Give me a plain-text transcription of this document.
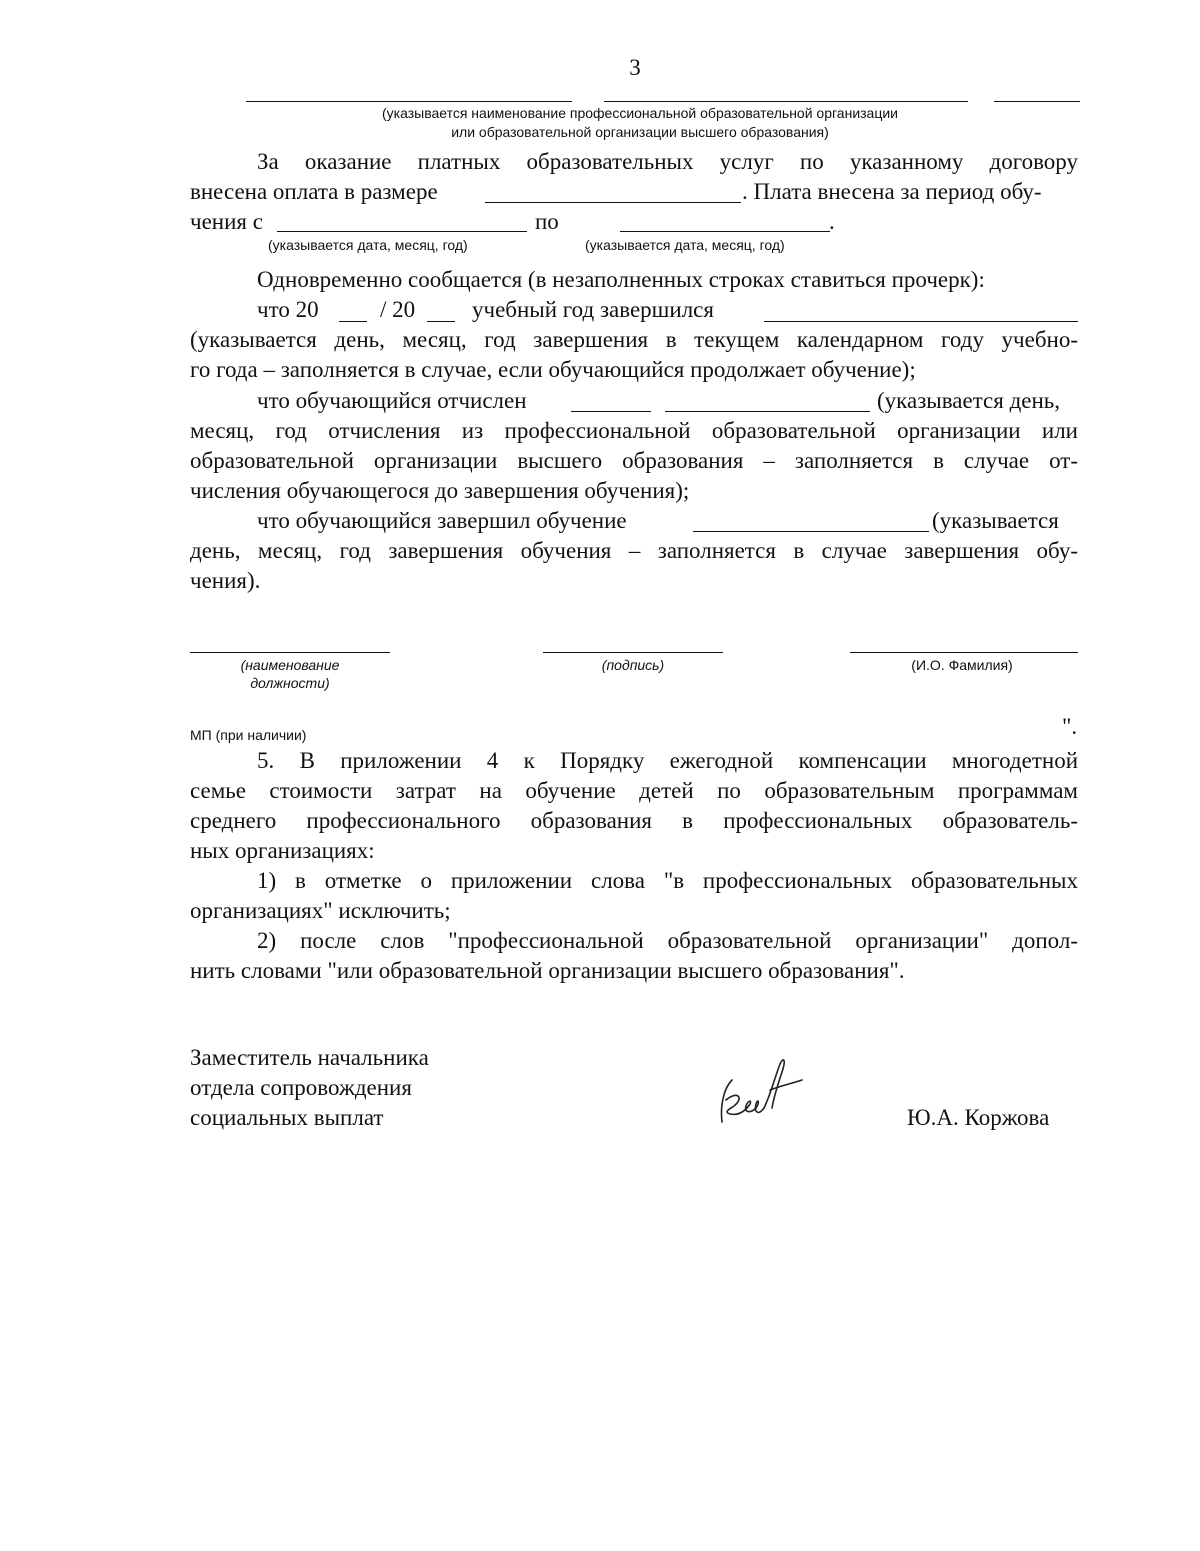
3
(указывается наименование профессиональной образовательной организации
или образовательной организации высшего образования)
За оказание платных образовательных услуг по указанному договору
внесена оплата в размере	. Плата внесена за период обу-
чения с	по	.
(указывается дата, месяц, год)	(указывается дата, месяц, год)
Одновременно сообщается (в незаполненных строках ставиться прочерк):
что 20	/ 20 учебный год завершился
(указывается день, месяц, год завершения в текущем календарном году учебно-
го года – заполняется в случае, если обучающийся продолжает обучение);
что обучающийся отчислен	(указывается день,
месяц, год отчисления из профессиональной образовательной организации или
образовательной организации высшего образования – заполняется в случае от-
числения обучающегося до завершения обучения);
что обучающийся завершил обучение	(указывается
день, месяц, год завершения обучения – заполняется в случае завершения обу-
чения).
(наименование
должности)
(подпись)	(И.О. Фамилия)
МП (при наличии)	".
5. В приложении 4 к Порядку ежегодной компенсации многодетной
семье стоимости затрат на обучение детей по образовательным программам
среднего профессионального образования в профессиональных образователь-
ных организациях:
1) в отметке о приложении слова "в профессиональных образовательных
организациях" исключить;
2) после слов "профессиональной образовательной организации" допол-
нить словами "или образовательной организации высшего образования".
Заместитель начальника
отдела сопровождения
социальных выплат	Ю.А. Коржова
